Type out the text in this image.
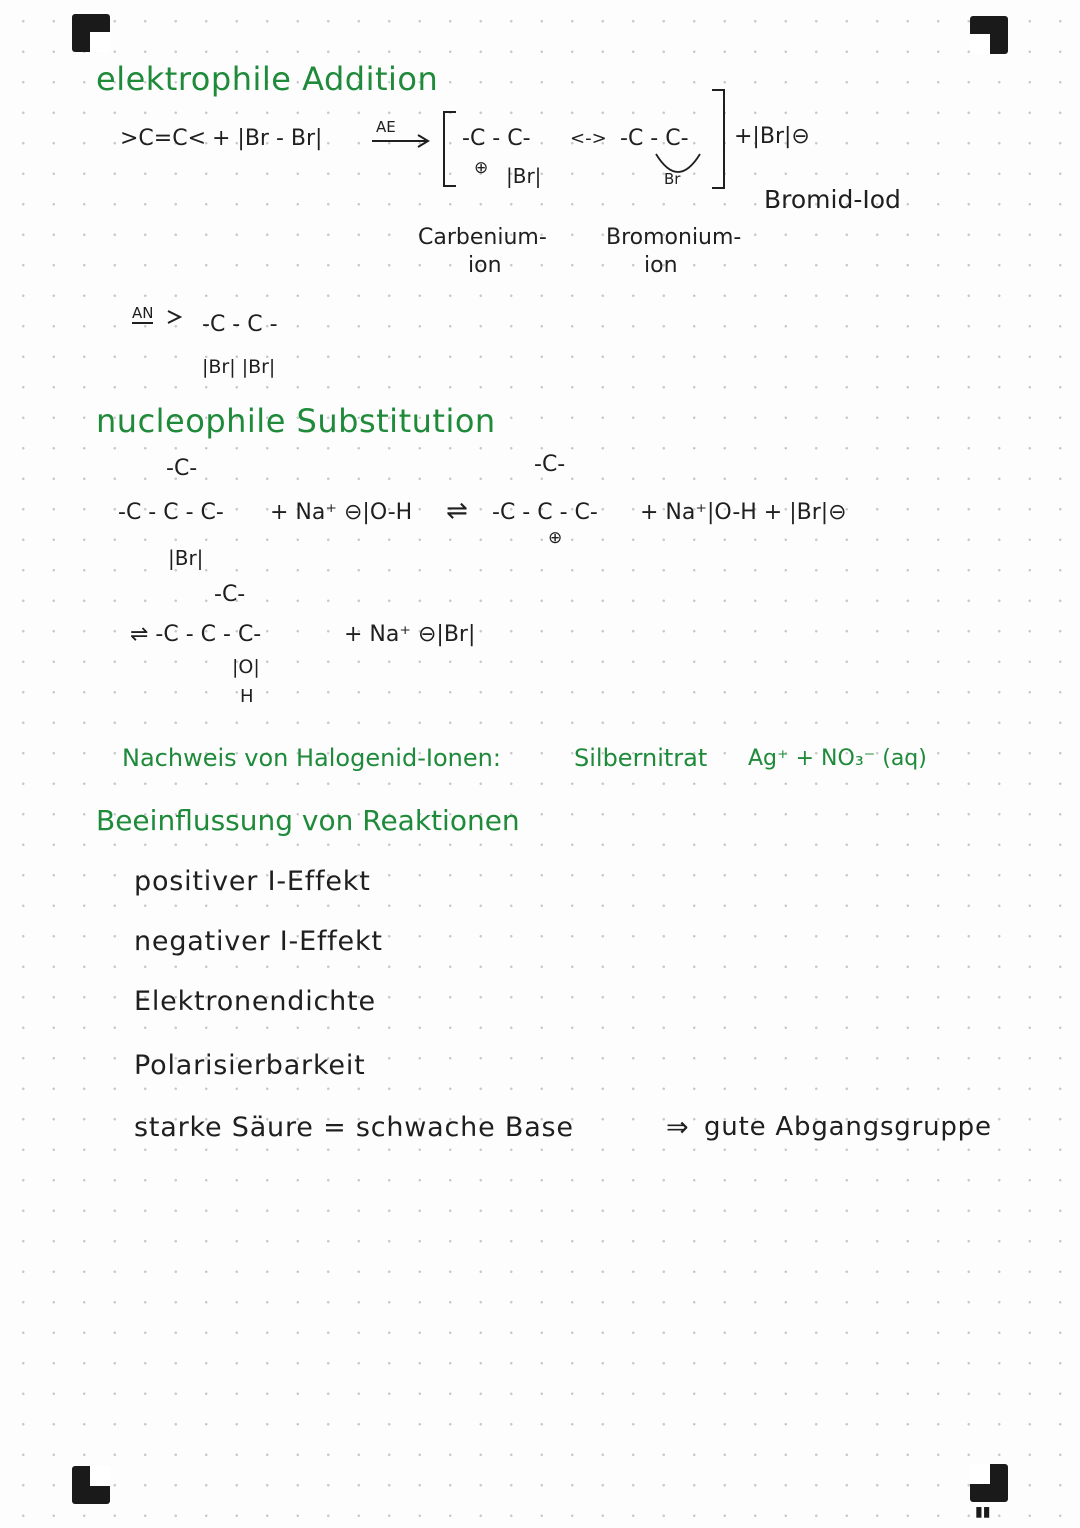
▮▮
elektrophile Addition
>C=C< + |Br - Br|	AE	-C - C-
⊕ |Br|
<-> -C - C-
Br
+|Br|⊖
Bromid-Iod
Carbenium-
ion
Bromonium-
ion
AN -C - C -
|Br| |Br|
nucleophile Substitution
-C-
-C - C - C-
|Br|
+ Na⁺ ⊖|O-H ⇌
-C-
-C - C - C-
⊕
+ Na⁺|O-H + |Br|⊖
-C-
⇌ -C - C - C-	+ Na⁺ ⊖|Br|
|O|
H
Nachweis von Halogenid-Ionen:	Silbernitrat Ag⁺ + NO₃⁻ (aq)
Beeinflussung von Reaktionen
positiver I-Effekt
negativer I-Effekt
Elektronendichte
Polarisierbarkeit
starke Säure = schwache Base	⇒ gute Abgangsgruppe
